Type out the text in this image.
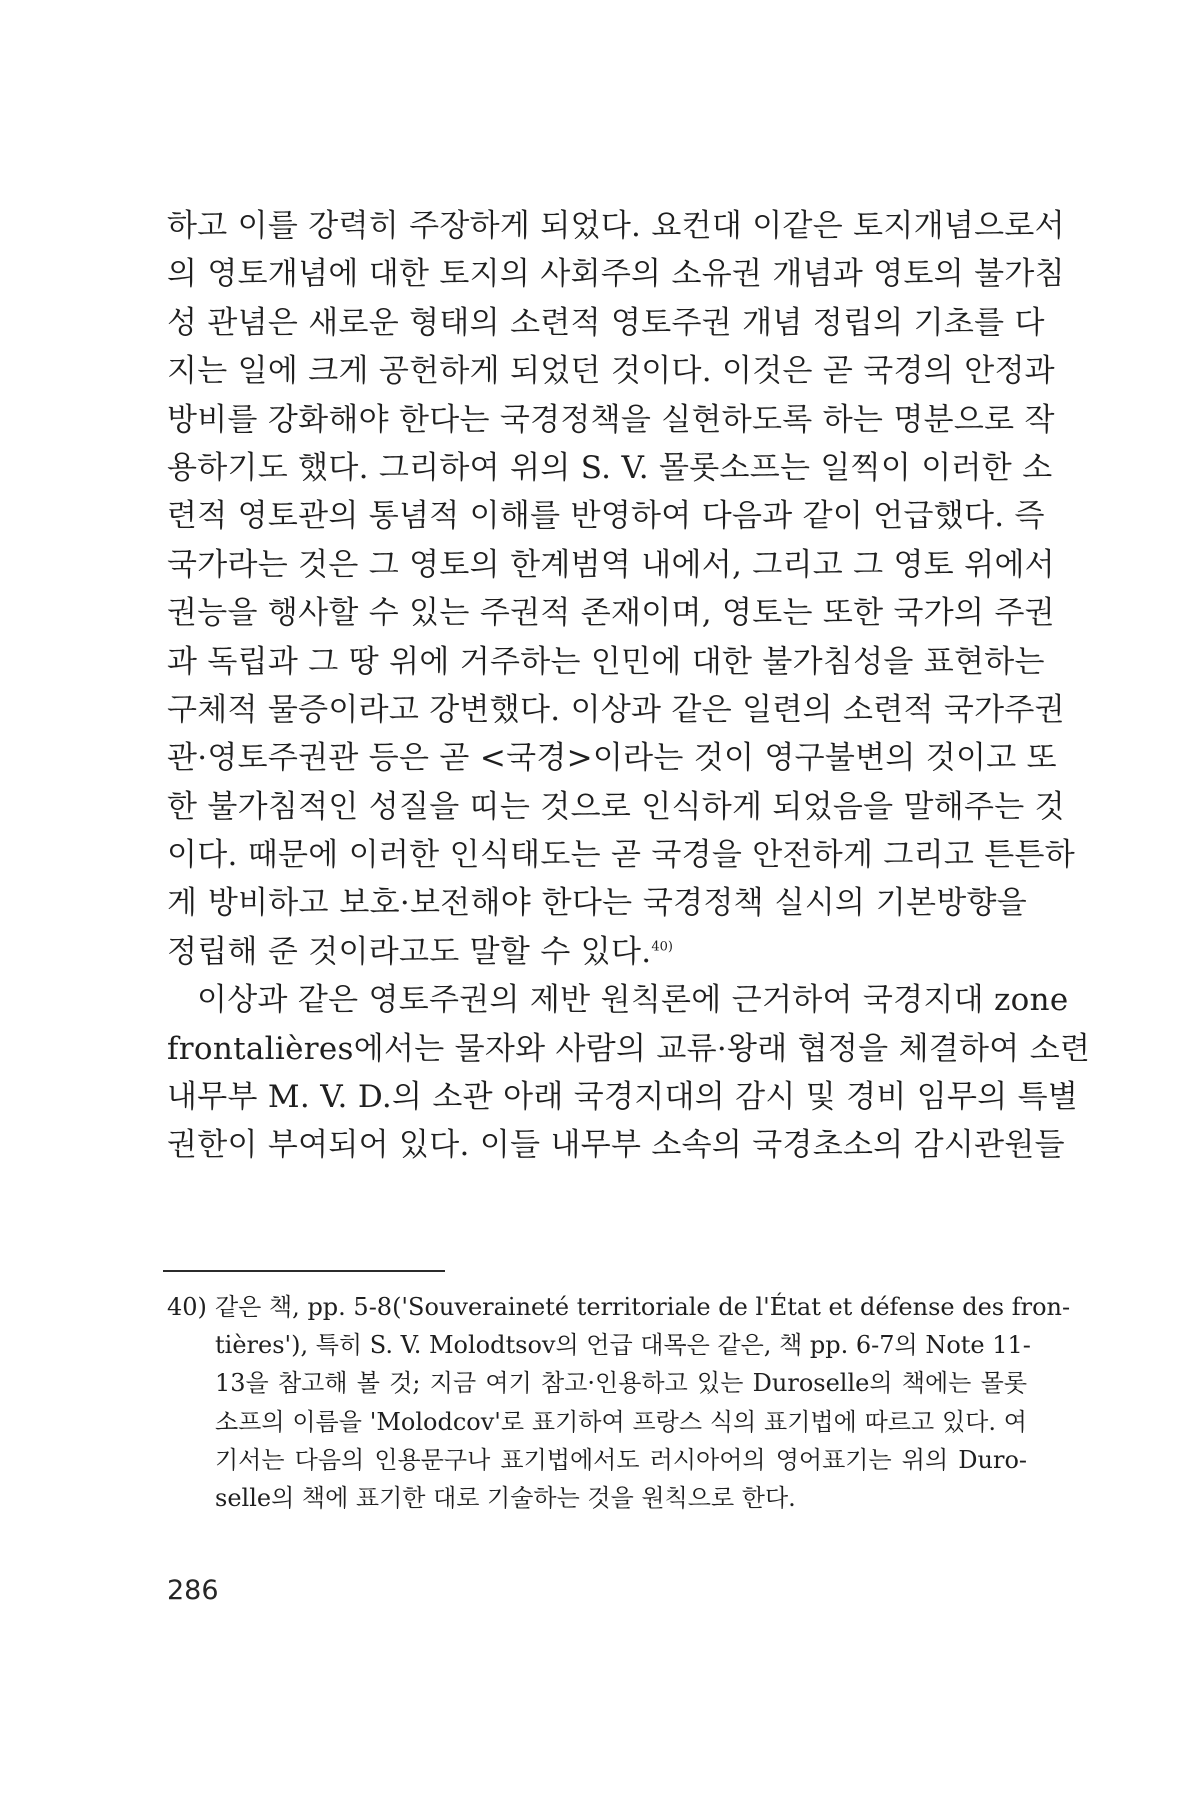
하고 이를 강력히 주장하게 되었다. 요컨대 이같은 토지개념으로서
의 영토개념에 대한 토지의 사회주의 소유권 개념과 영토의 불가침
성 관념은 새로운 형태의 소련적 영토주권 개념 정립의 기초를 다
지는 일에 크게 공헌하게 되었던 것이다. 이것은 곧 국경의 안정과
방비를 강화해야 한다는 국경정책을 실현하도록 하는 명분으로 작
용하기도 했다. 그리하여 위의 S. V. 몰롯소프는 일찍이 이러한 소
련적 영토관의 통념적 이해를 반영하여 다음과 같이 언급했다. 즉
국가라는 것은 그 영토의 한계범역 내에서, 그리고 그 영토 위에서
권능을 행사할 수 있는 주권적 존재이며, 영토는 또한 국가의 주권
과 독립과 그 땅 위에 거주하는 인민에 대한 불가침성을 표현하는
구체적 물증이라고 강변했다. 이상과 같은 일련의 소련적 국가주권
관·영토주권관 등은 곧 <국경>이라는 것이 영구불변의 것이고 또
한 불가침적인 성질을 띠는 것으로 인식하게 되었음을 말해주는 것
이다. 때문에 이러한 인식태도는 곧 국경을 안전하게 그리고 튼튼하
게 방비하고 보호·보전해야 한다는 국경정책 실시의 기본방향을
정립해 준 것이라고도 말할 수 있다.$^{40)}$
이상과 같은 영토주권의 제반 원칙론에 근거하여 국경지대 zone
frontalières에서는 물자와 사람의 교류·왕래 협정을 체결하여 소련
내무부 M. V. D.의 소관 아래 국경지대의 감시 및 경비 임무의 특별
권한이 부여되어 있다. 이들 내무부 소속의 국경초소의 감시관원들
40) 같은 책, pp. 5-8('Souveraineté territoriale de l'État et défense des fron-
tières'), 특히 S. V. Molodtsov의 언급 대목은 같은, 책 pp. 6-7의 Note 11-
13을 참고해 볼 것; 지금 여기 참고·인용하고 있는 Duroselle의 책에는 몰롯
소프의 이름을 'Molodcov'로 표기하여 프랑스 식의 표기법에 따르고 있다. 여
기서는 다음의 인용문구나 표기법에서도 러시아어의 영어표기는 위의 Duro-
selle의 책에 표기한 대로 기술하는 것을 원칙으로 한다.
286
